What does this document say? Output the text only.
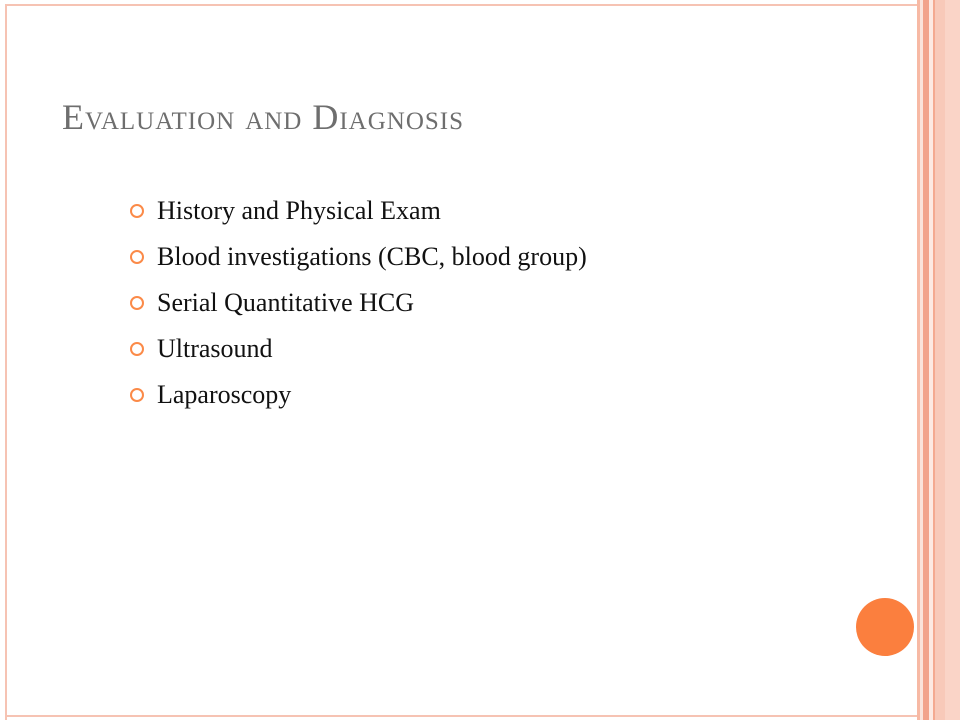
Evaluation and Diagnosis
History and Physical Exam
Blood investigations (CBC, blood group)
Serial Quantitative HCG
Ultrasound
Laparoscopy
